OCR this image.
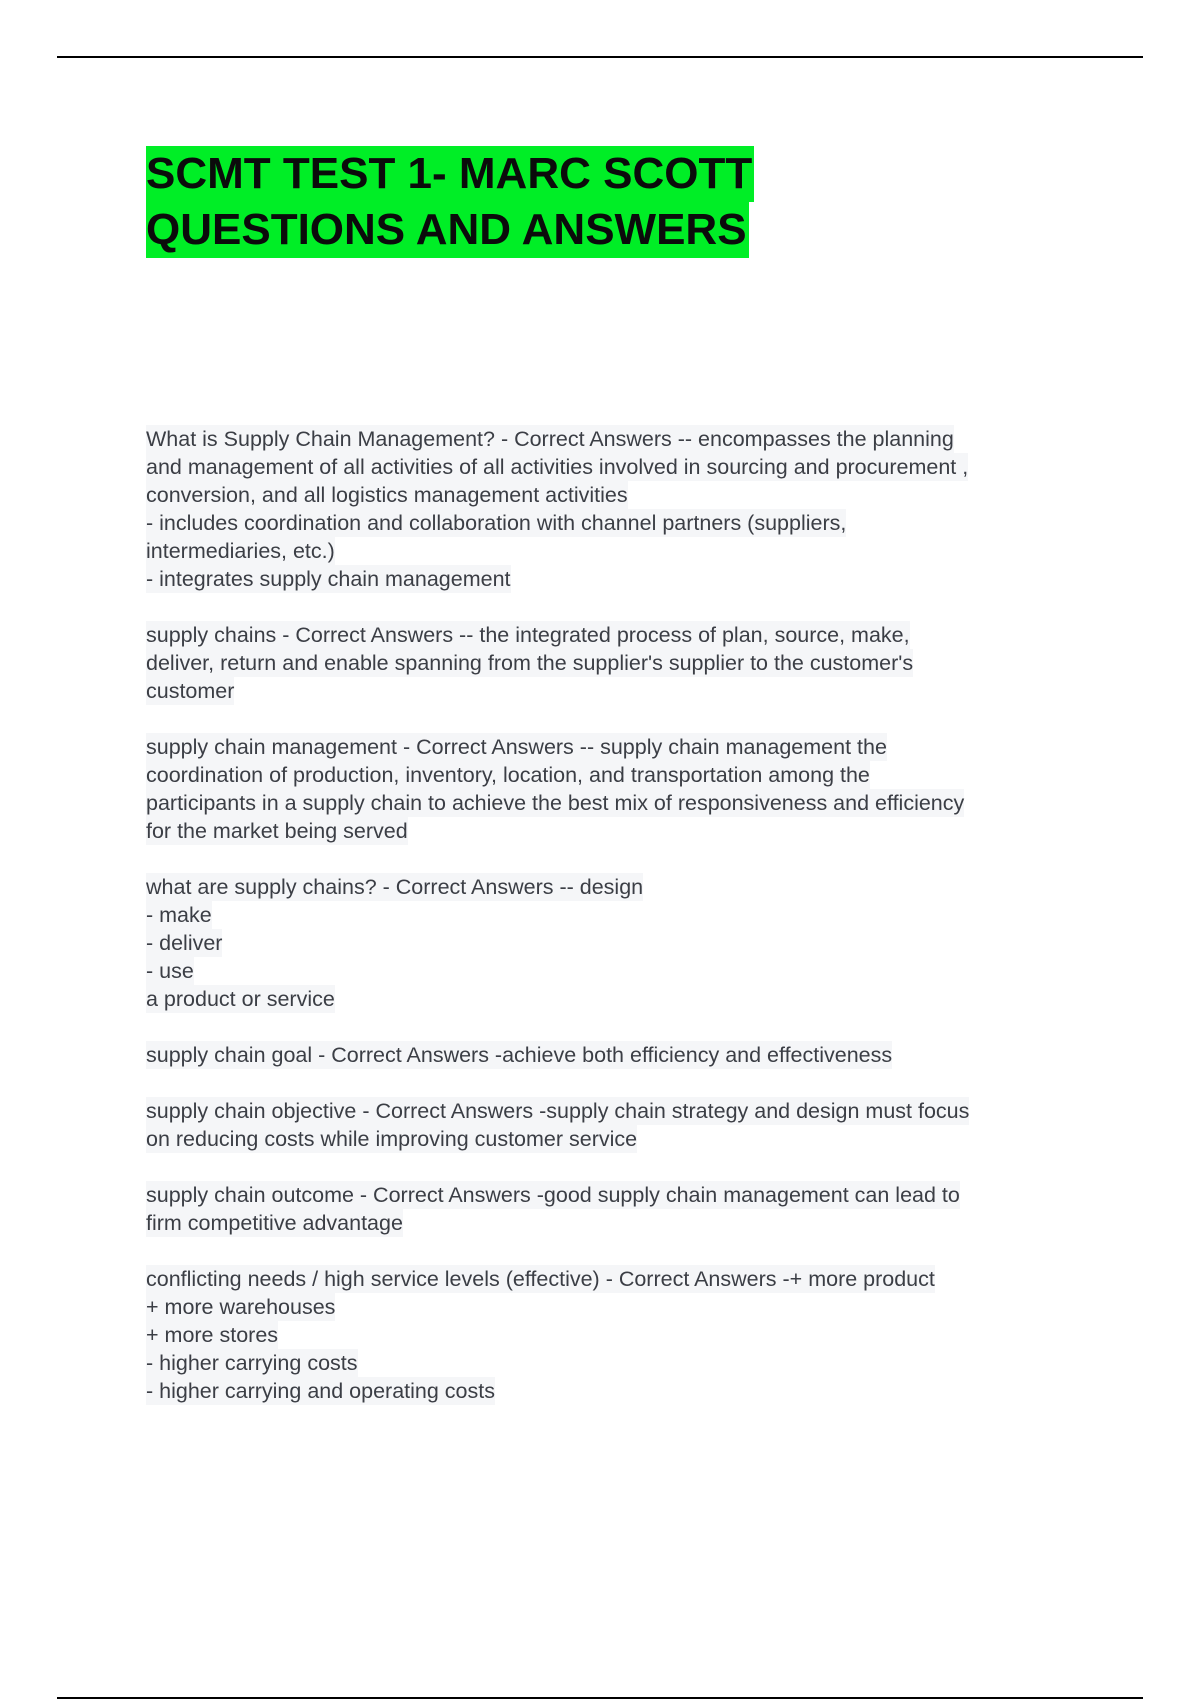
SCMT TEST 1- MARC SCOTT
QUESTIONS AND ANSWERS
What is Supply Chain Management? - Correct Answers -- encompasses the planning
and management of all activities of all activities involved in sourcing and procurement ,
conversion, and all logistics management activities
- includes coordination and collaboration with channel partners (suppliers,
intermediaries, etc.)
- integrates supply chain management
supply chains - Correct Answers -- the integrated process of plan, source, make,
deliver, return and enable spanning from the supplier's supplier to the customer's
customer
supply chain management - Correct Answers -- supply chain management the
coordination of production, inventory, location, and transportation among the
participants in a supply chain to achieve the best mix of responsiveness and efficiency
for the market being served
what are supply chains? - Correct Answers -- design
- make
- deliver
- use
a product or service
supply chain goal - Correct Answers -achieve both efficiency and effectiveness
supply chain objective - Correct Answers -supply chain strategy and design must focus
on reducing costs while improving customer service
supply chain outcome - Correct Answers -good supply chain management can lead to
firm competitive advantage
conflicting needs / high service levels (effective) - Correct Answers -+ more product
+ more warehouses
+ more stores
- higher carrying costs
- higher carrying and operating costs
